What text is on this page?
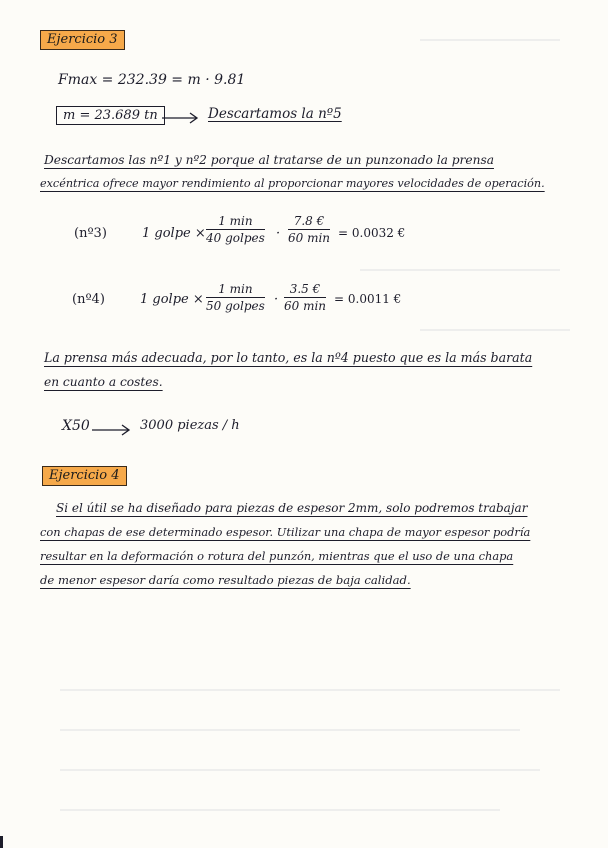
Ejercicio 3
Fmax = 232.39 = m · 9.81
m = 23.689 tn	Descartamos la nº5
Descartamos las nº1 y nº2 porque al tratarse de un punzonado la prensa
excéntrica ofrece mayor rendimiento al proporcionar mayores velocidades de operación.
(nº3)	1 golpe ×
1 min
40 golpes ·
7.8 €
60 min = 0.0032 €
(nº4)	1 golpe ×
1 min
50 golpes ·
3.5 €
60 min = 0.0011 €
La prensa más adecuada, por lo tanto, es la nº4 puesto que es la más barata
en cuanto a costes.
X50	3000 piezas / h
Ejercicio 4
Si el útil se ha diseñado para piezas de espesor 2mm, solo podremos trabajar
con chapas de ese determinado espesor. Utilizar una chapa de mayor espesor podría
resultar en la deformación o rotura del punzón, mientras que el uso de una chapa
de menor espesor daría como resultado piezas de baja calidad.
